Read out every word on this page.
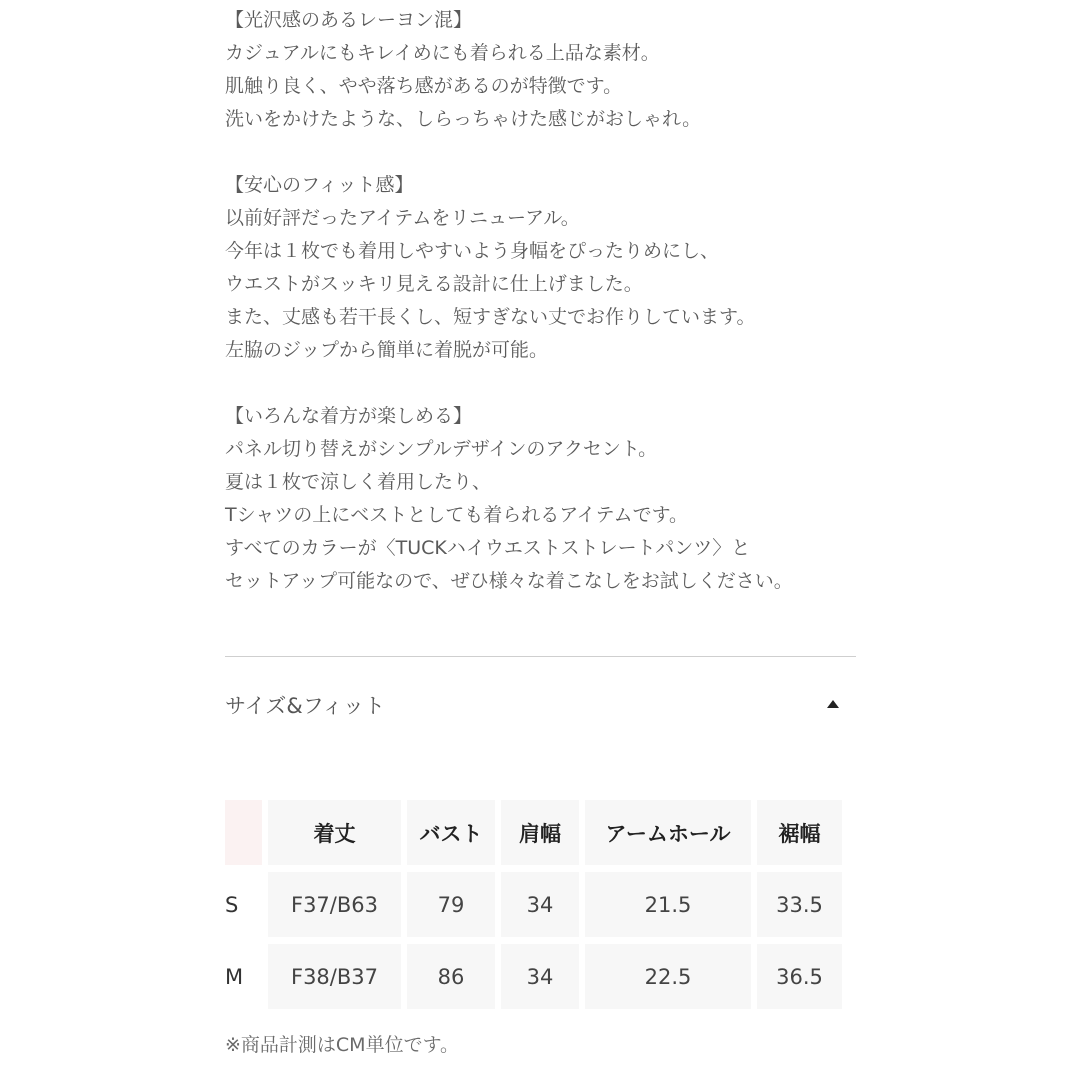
【光沢感のあるレーヨン混】

カジュアルにもキレイめにも着られる上品な素材。

肌触り良く、やや落ち感があるのが特徴です。

洗いをかけたような、しらっちゃけた感じがおしゃれ。

【安心のフィット感】

以前好評だったアイテムをリニューアル。

今年は１枚でも着用しやすいよう身幅をぴったりめにし、

ウエストがスッキリ見える設計に仕上げました。

また、丈感も若干長くし、短すぎない丈でお作りしています。

左脇のジップから簡単に着脱が可能。

【いろんな着方が楽しめる】

パネル切り替えがシンプルデザインのアクセント。

夏は１枚で涼しく着用したり、

Tシャツの上にベストとしても着られるアイテムです。

すべてのカラーが〈TUCKハイウエストストレートパンツ〉と

セットアップ可能なので、ぜひ様々な着こなしをお試しください。

サイズ&フィット
	着丈	バスト	肩幅	アームホール	裾幅
S	F37/B63	79	34	21.5	33.5
M	F38/B37	86	34	22.5	36.5
※商品計測はCM単位です。
